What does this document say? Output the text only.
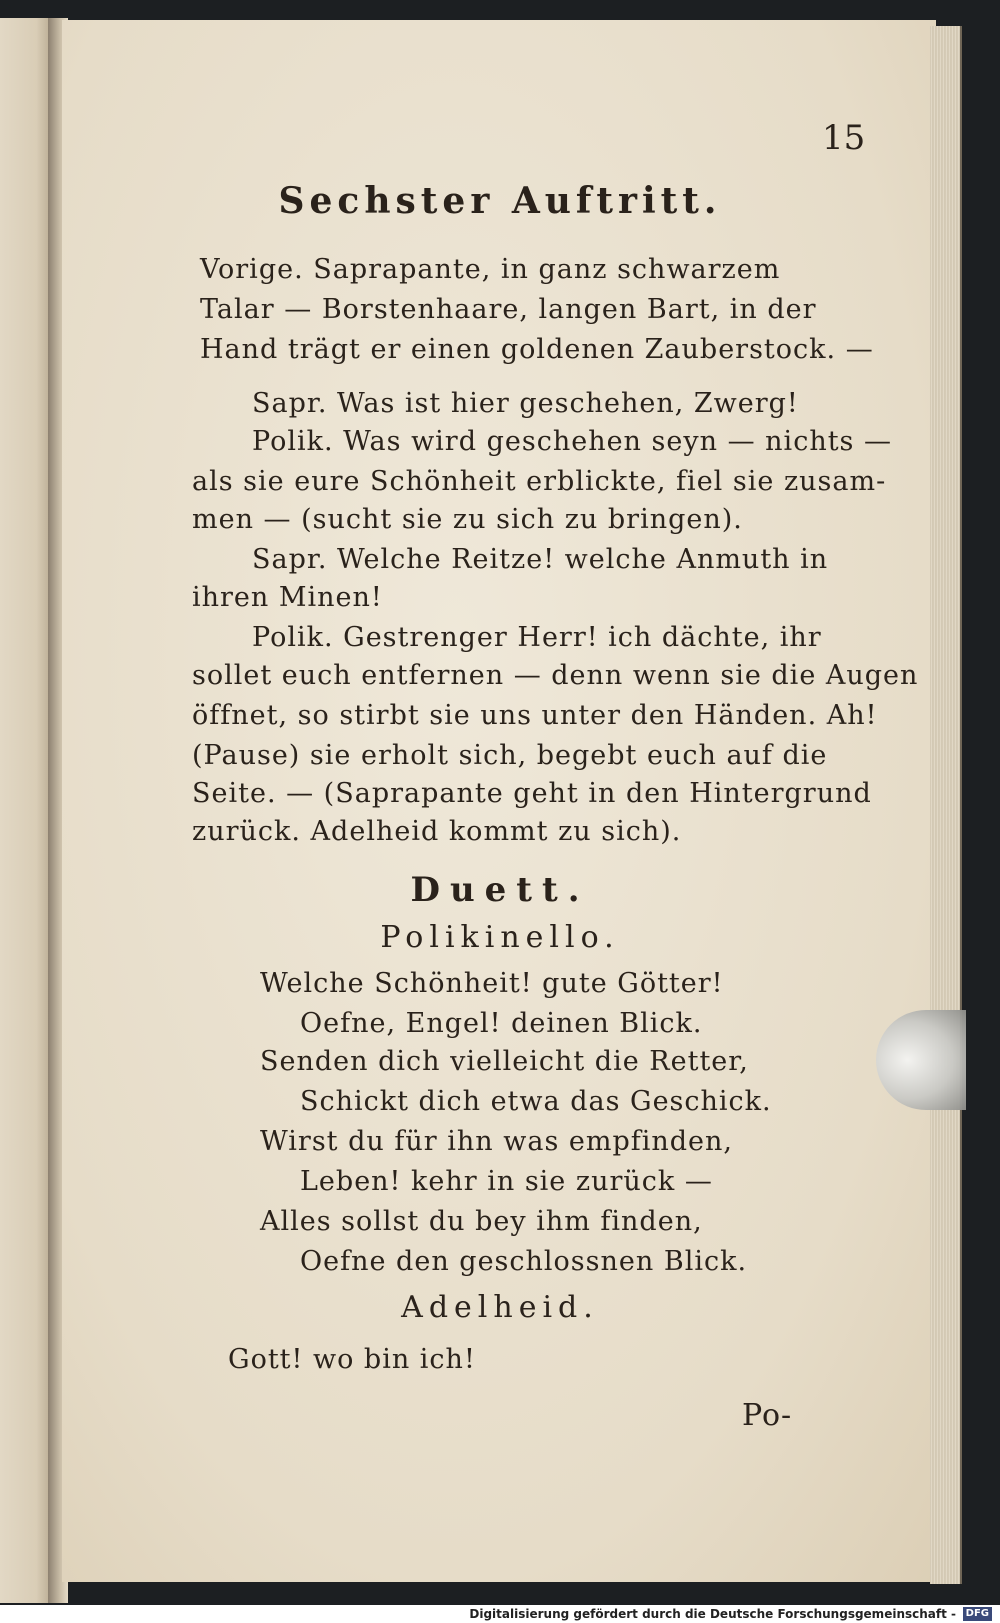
15
Sechster Auftritt.
Vorige. Saprapante, in ganz schwarzem
Talar — Borstenhaare, langen Bart, in der
Hand trägt er einen goldenen Zauberstock. —
Sapr. Was ist hier geschehen, Zwerg!
Polik. Was wird geschehen seyn — nichts —
als sie eure Schönheit erblickte, fiel sie zusam-
men — (sucht sie zu sich zu bringen).
Sapr. Welche Reitze! welche Anmuth in
ihren Minen!
Polik. Gestrenger Herr! ich dächte, ihr
sollet euch entfernen — denn wenn sie die Augen
öffnet, so stirbt sie uns unter den Händen. Ah!
(Pause) sie erholt sich, begebt euch auf die
Seite. — (Saprapante geht in den Hintergrund
zurück. Adelheid kommt zu sich).
Duett.
Polikinello.
Welche Schönheit! gute Götter!
Oefne, Engel! deinen Blick.
Senden dich vielleicht die Retter,
Schickt dich etwa das Geschick.
Wirst du für ihn was empfinden,
Leben! kehr in sie zurück —
Alles sollst du bey ihm finden,
Oefne den geschlossnen Blick.
Adelheid.
Gott! wo bin ich!
Po-
Digitalisierung gefördert durch die Deutsche Forschungsgemeinschaft - DFG
